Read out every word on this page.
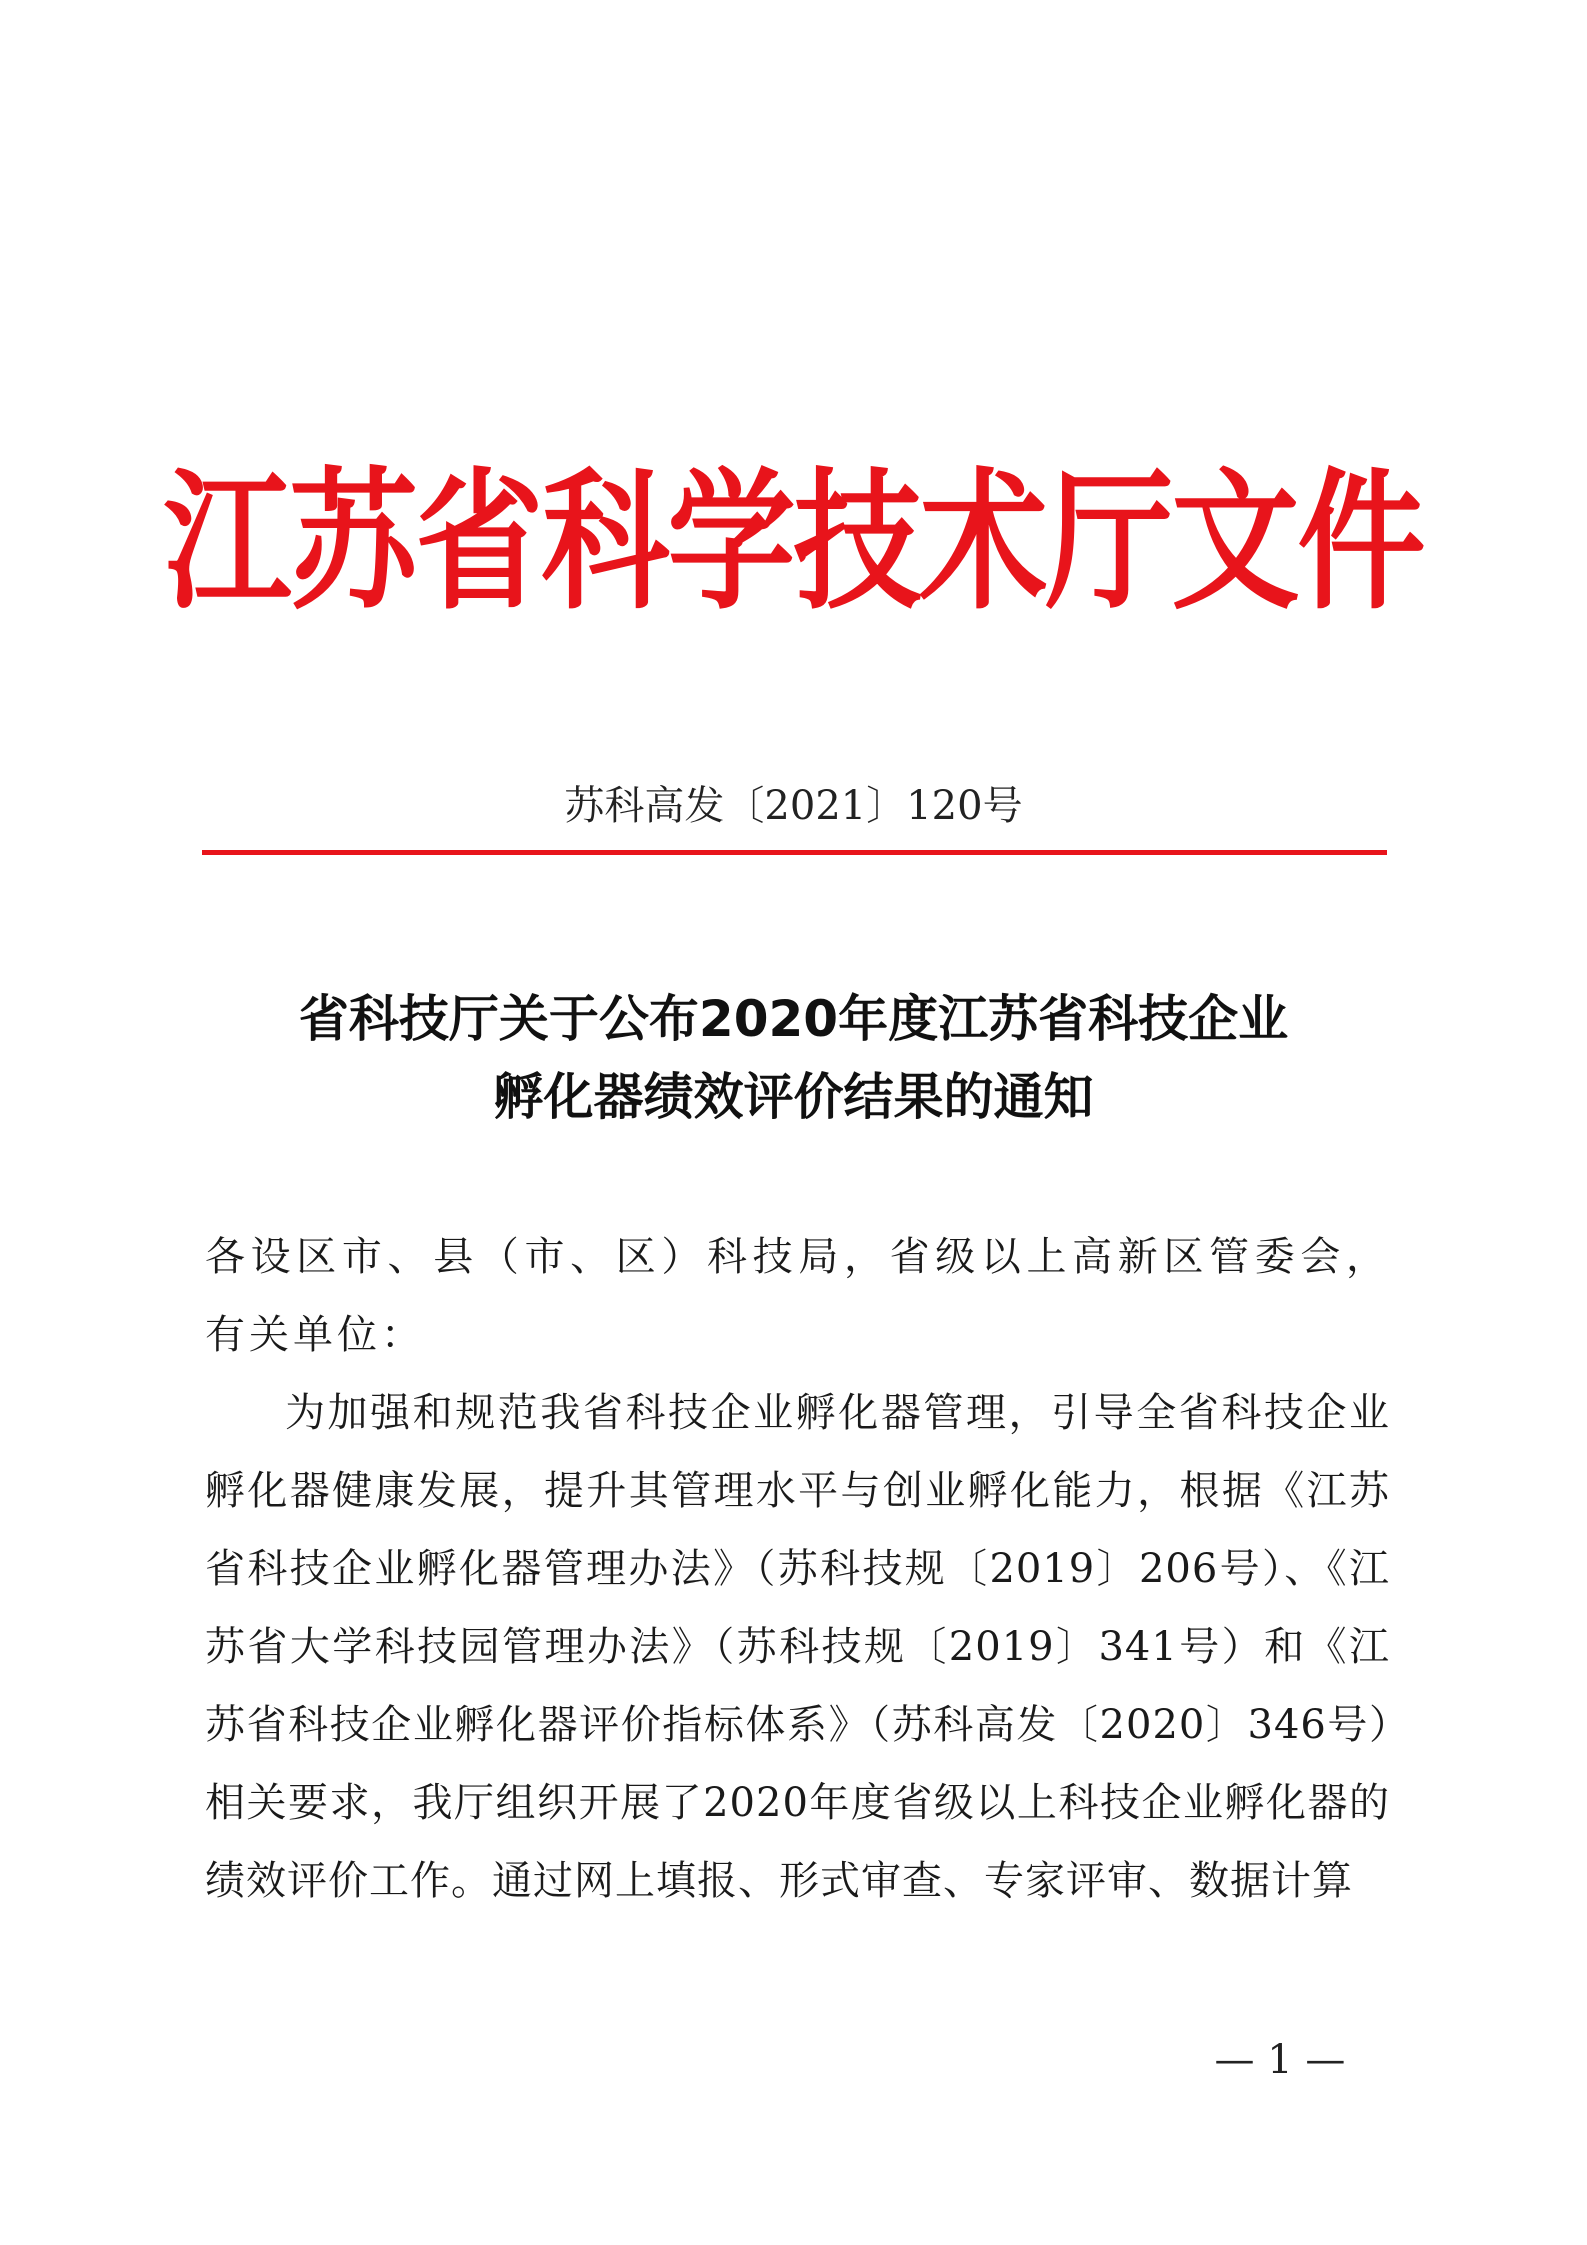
江苏省科学技术厅文件
苏科高发〔2021〕120号
省科技厅关于公布2020年度江苏省科技企业
孵化器绩效评价结果的通知

各设区市、县（市、区）科技局，省级以上高新区管委会，有关单位：

为加强和规范我省科技企业孵化器管理，引导全省科技企业孵化器健康发展，提升其管理水平与创业孵化能力，根据《江苏省科技企业孵化器管理办法》（苏科技规〔2019〕206号）、《江苏省大学科技园管理办法》（苏科技规〔2019〕341号）和《江苏省科技企业孵化器评价指标体系》（苏科高发〔2020〕346号）相关要求，我厅组织开展了2020年度省级以上科技企业孵化器的绩效评价工作。通过网上填报、形式审查、专家评审、数据计算

— 1 —
